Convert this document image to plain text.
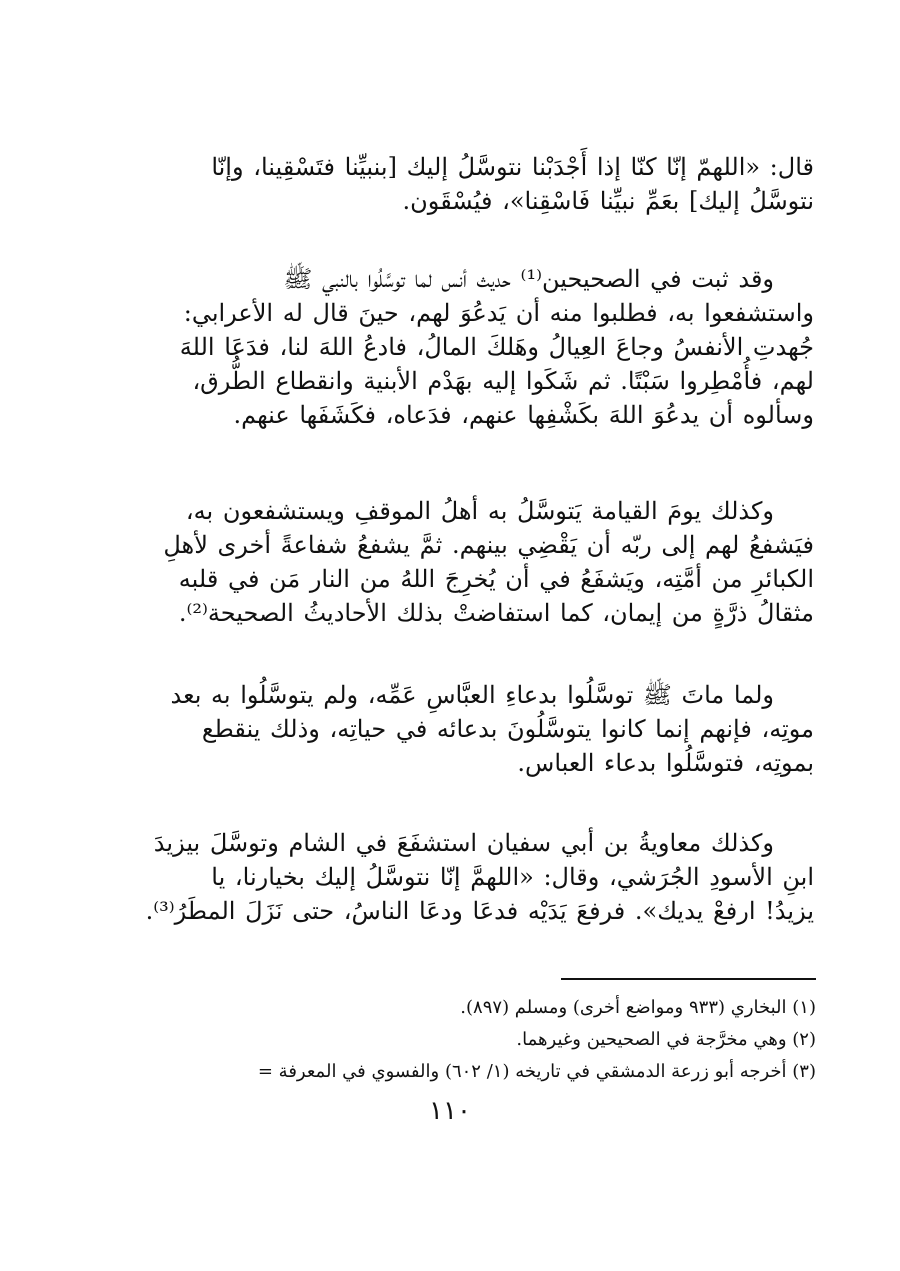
قال: «اللهمّ إنّا كنّا إذا أَجْدَبْنا نتوسَّلُ إليك [بنبيِّنا فتَسْقِينا، وإنّا
نتوسَّلُ إليك] بعَمِّ نبيِّنا فَاسْقِنا»، فيُسْقَون.
وقد ثبت في الصحيحين⁽¹⁾ حديث أنس لما توسَّلُوا بالنبي ﷺ
واستشفعوا به، فطلبوا منه أن يَدعُوَ لهم، حينَ قال له الأعرابي:
جُهدتِ الأنفسُ وجاعَ العِيالُ وهَلكَ المالُ، فادعُ اللهَ لنا، فدَعَا اللهَ
لهم، فأُمْطِروا سَبْتًا. ثم شَكَوا إليه بهَدْم الأبنية وانقطاع الطُّرق،
وسألوه أن يدعُوَ اللهَ بكَشْفِها عنهم، فدَعاه، فكَشَفَها عنهم.
وكذلك يومَ القيامة يَتوسَّلُ به أهلُ الموقفِ ويستشفعون به،
فيَشفعُ لهم إلى ربّه أن يَقْضِي بينهم. ثمَّ يشفعُ شفاعةً أخرى لأهلِ
الكبائرِ من أمَّتِه، ويَشفَعُ في أن يُخرِجَ اللهُ من النار مَن في قلبه
مثقالُ ذرَّةٍ من إيمان، كما استفاضتْ بذلك الأحاديثُ الصحيحة⁽²⁾.
ولما ماتَ ﷺ توسَّلُوا بدعاءِ العبَّاسِ عَمِّه، ولم يتوسَّلُوا به بعد
موتِه، فإنهم إنما كانوا يتوسَّلُونَ بدعائه في حياتِه، وذلك ينقطع
بموتِه، فتوسَّلُوا بدعاء العباس.
وكذلك معاويةُ بن أبي سفيان استشفَعَ في الشام وتوسَّلَ بيزيدَ
ابنِ الأسودِ الجُرَشي، وقال: «اللهمَّ إنّا نتوسَّلُ إليك بخيارنا، يا
يزيدُ! ارفعْ يديك». فرفعَ يَدَيْه فدعَا ودعَا الناسُ، حتى نَزَلَ المطَرُ⁽³⁾.
(١) البخاري (٩٣٣ ومواضع أخرى) ومسلم (٨٩٧).
(٢) وهي مخرَّجة في الصحيحين وغيرهما.
(٣) أخرجه أبو زرعة الدمشقي في تاريخه (١/ ٦٠٢) والفسوي في المعرفة =
١١٠
